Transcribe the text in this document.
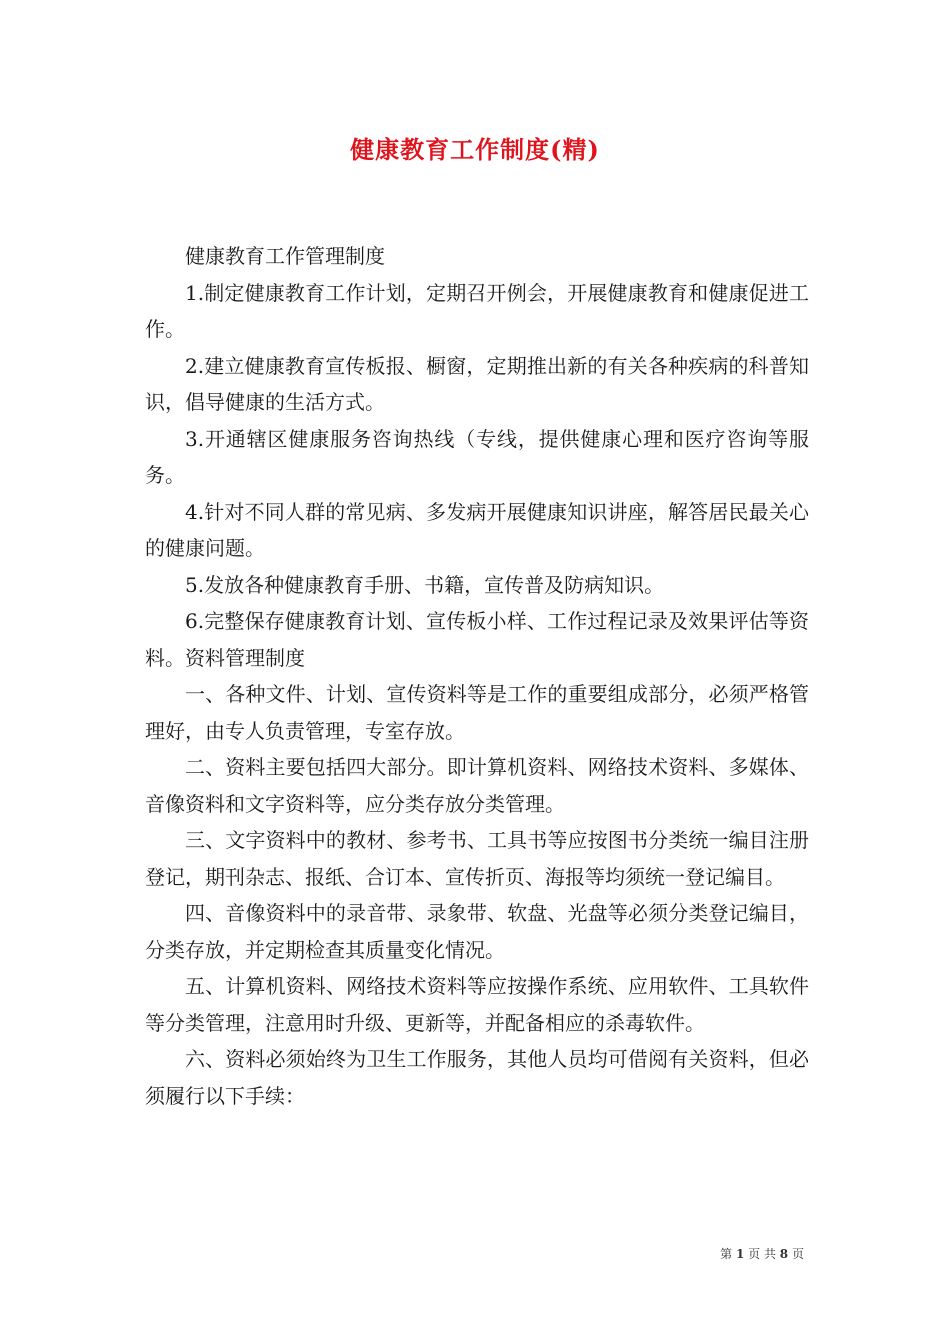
健康教育工作制度(精)

健康教育工作管理制度

1.制定健康教育工作计划，定期召开例会，开展健康教育和健康促进工作。

2.建立健康教育宣传板报、橱窗，定期推出新的有关各种疾病的科普知识，倡导健康的生活方式。

3.开通辖区健康服务咨询热线（专线，提供健康心理和医疗咨询等服务。

4.针对不同人群的常见病、多发病开展健康知识讲座，解答居民最关心的健康问题。

5.发放各种健康教育手册、书籍，宣传普及防病知识。

6.完整保存健康教育计划、宣传板小样、工作过程记录及效果评估等资料。资料管理制度

一、各种文件、计划、宣传资料等是工作的重要组成部分，必须严格管理好，由专人负责管理，专室存放。

二、资料主要包括四大部分。即计算机资料、网络技术资料、多媒体、音像资料和文字资料等，应分类存放分类管理。

三、文字资料中的教材、参考书、工具书等应按图书分类统一编目注册登记，期刊杂志、报纸、合订本、宣传折页、海报等均须统一登记编目。

四、音像资料中的录音带、录象带、软盘、光盘等必须分类登记编目，分类存放，并定期检查其质量变化情况。

五、计算机资料、网络技术资料等应按操作系统、应用软件、工具软件等分类管理，注意用时升级、更新等，并配备相应的杀毒软件。

六、资料必须始终为卫生工作服务，其他人员均可借阅有关资料，但必须履行以下手续：

第 1 页 共 8 页
